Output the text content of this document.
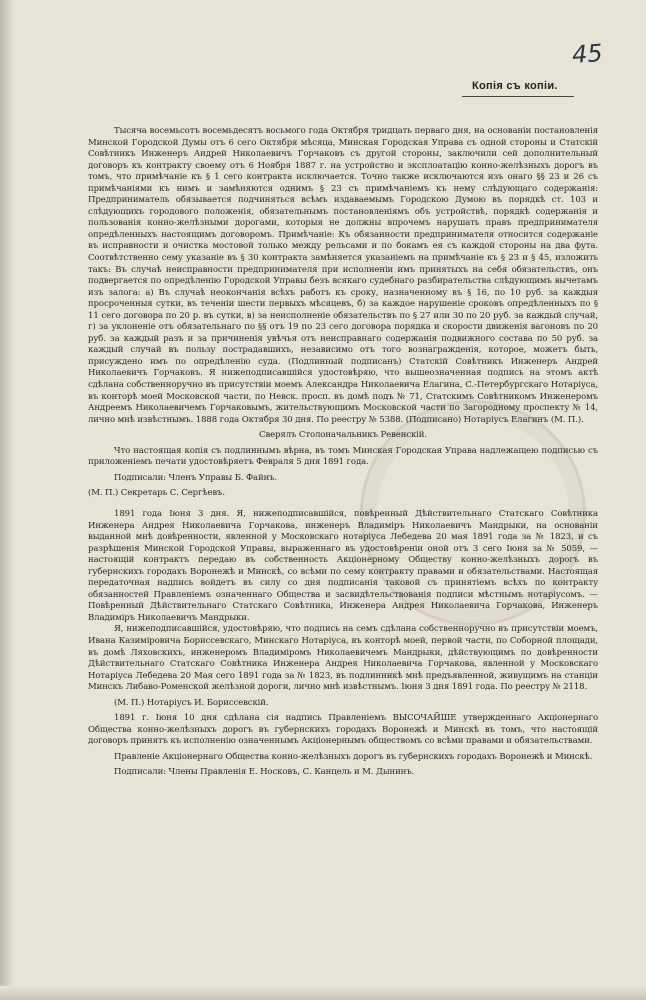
45
Копія съ копіи.

Тысяча восемьсотъ восемьдесятъ восьмого года Октября тридцать перваго дня, на основаніи постановленія Минской Городской Думы отъ 6 сего Октября мѣсяца, Минская Городская Управа съ одной стороны и Статскій Совѣтникъ Инженеръ Андрей Николаевичъ Горчаковъ съ другой стороны, заключили сей дополнительный договоръ къ контракту своему отъ 6 Ноября 1887 г. на устройство и эксплоатацію конно-желѣзныхъ дорогъ въ томъ, что примѣчаніе къ § 1 сего контракта исключается. Точно также исключаются изъ онаго §§ 23 и 26 съ примѣчаніями къ нимъ и замѣняются однимъ § 23 съ примѣчаніемъ къ нему слѣдующаго содержанія: Предприниматель обязывается подчиняться всѣмъ издаваемымъ Городскою Думою въ порядкѣ ст. 103 и слѣдующихъ городового положенія, обязательнымъ постановленіямъ объ устройствѣ, порядкѣ содержанія и пользованія конно-желѣзными дорогами, которыя не должны впрочемъ нарушать правъ предпринимателя опредѣленныхъ настоящимъ договоромъ. Примѣчаніе: Къ обязанности предпринимателя относится содержаніе въ исправности и очистка мостовой только между рельсами и по бокамъ ея съ каждой стороны на два фута. Соотвѣтственно сему указаніе въ § 30 контракта замѣняется указаніемъ на примѣчаніе къ § 23 и § 45, изложить такъ: Въ случаѣ неисправности предпринимателя при исполненіи имъ принятыхъ на себя обязательствъ, онъ подвергается по опредѣленію Городской Управы безъ всякаго судебнаго разбирательства слѣдующимъ вычетамъ изъ залога: а) Въ случаѣ неокончанія всѣхъ работъ къ сроку, назначенному въ § 16, по 10 руб. за каждыя просроченныя сутки, въ теченіи шести первыхъ мѣсяцевъ, б) за каждое нарушеніе сроковъ опредѣленныхъ по § 11 сего договора по 20 р. въ сутки, в) за неисполненіе обязательствъ по § 27 или 30 по 20 руб. за каждый случай, г) за уклоненіе отъ обязательнаго по §§ отъ 19 по 23 сего договора порядка и скорости движенія вагоновъ по 20 руб. за каждый разъ и за причиненія увѣчья отъ неисправнаго содержанія подвижного состава по 50 руб. за каждый случай въ пользу пострадавшихъ, независимо отъ того вознагражденія, которое, можетъ быть, присуждено имъ по опредѣленію суда. (Подлинный подписанъ) Статскій Совѣтникъ Инженеръ Андрей Николаевичъ Горчаковъ. Я нижеподписавшійся удостовѣряю, что вышеозначенная подпись на этомъ актѣ сдѣлана собственноручно въ присутствіи моемъ Александра Николаевича Елагина, С.-Петербургскаго Нотаріуса, въ конторѣ моей Московской части, по Невск. просп. въ домѣ подъ № 71, Статскимъ Совѣтникомъ Инженеромъ Андреемъ Николаевичемъ Горчаковымъ, жительствующимъ Московской части по Загородному проспекту № 14, лично мнѣ извѣстнымъ. 1888 года Октября 30 дня. По реестру № 5388. (Подписано) Нотаріусъ Елагинъ (М. П.).

Сверялъ Столоначальникъ Ревенскій.

Что настоящая копія съ подлиннымъ вѣрна, въ томъ Минская Городская Управа надлежащею подписью съ приложеніемъ печати удостовѣряетъ Февраля 5 дня 1891 года.

Подписали: Членъ Управы Б. Файнъ.

(М. П.) Секретарь С. Сергѣевъ.

1891 года Іюня 3 дня. Я, нижеподписавшійся, повѣренный Дѣйствительнаго Статскаго Совѣтника Инженера Андрея Николаевича Горчакова, инженеръ Владиміръ Николаевичъ Мандрыки, на основаніи выданной мнѣ довѣренности, явленной у Московскаго нотаріуса Лебедева 20 мая 1891 года за № 1823, и съ разрѣшенія Минской Городской Управы, выраженнаго въ удостовѣреніи оной отъ 3 сего Іюня за № 5059, — настоящій контрактъ передаю въ собственность Акціонерному Обществу конно-желѣзныхъ дорогъ въ губернскихъ городахъ Воронежѣ и Минскѣ, со всѣми по сему контракту правами и обязательствами. Настоящая передаточная надпись войдетъ въ силу со дня подписанія таковой съ принятіемъ всѣхъ по контракту обязанностей Правленіемъ означеннаго Общества и засвидѣтельствованія подписи мѣстнымъ нотаріусомъ. — Повѣренный Дѣйствительнаго Статскаго Совѣтника, Инженера Андрея Николаевича Горчакова, Инженеръ Владиміръ Николаевичъ Мандрыки.

Я, нижеподписавшійся, удостовѣряю, что подпись на семъ сдѣлана собственноручно въ присутствіи моемъ, Ивана Казиміровича Бориссевскаго, Минскаго Нотаріуса, въ конторѣ моей, первой части, по Соборной площади, въ домѣ Ляховскихъ, инженеромъ Владиміромъ Николаевичемъ Мандрыки, дѣйствующимъ по довѣренности Дѣйствительнаго Статскаго Совѣтника Инженера Андрея Николаевича Горчакова, явленной у Московскаго Нотаріуса Лебедева 20 Мая сего 1891 года за № 1823, въ подлинникѣ мнѣ предъявленной, живущимъ на станціи Минскъ Либаво-Роменской желѣзной дороги, лично мнѣ извѣстнымъ. Іюня 3 дня 1891 года. По реестру № 2118.

(М. П.) Нотаріусъ И. Бориссевскій.

1891 г. Іюня 10 дня сдѣлана сія надпись Правленіемъ ВЫСОЧАЙШЕ утвержденнаго Акціонернаго Общества конно-желѣзныхъ дорогъ въ губернскихъ городахъ Воронежѣ и Минскѣ въ томъ, что настоящій договоръ принятъ къ исполненію означеннымъ Акціонернымъ обществомъ со всѣми правами и обязательствами.

Правленіе Акціонернаго Общества конно-желѣзныхъ дорогъ въ губернскихъ городахъ Воронежѣ и Минскѣ.

Подписали: Члены Правленія Е. Носковъ, С. Канцель и М. Дынинъ.
